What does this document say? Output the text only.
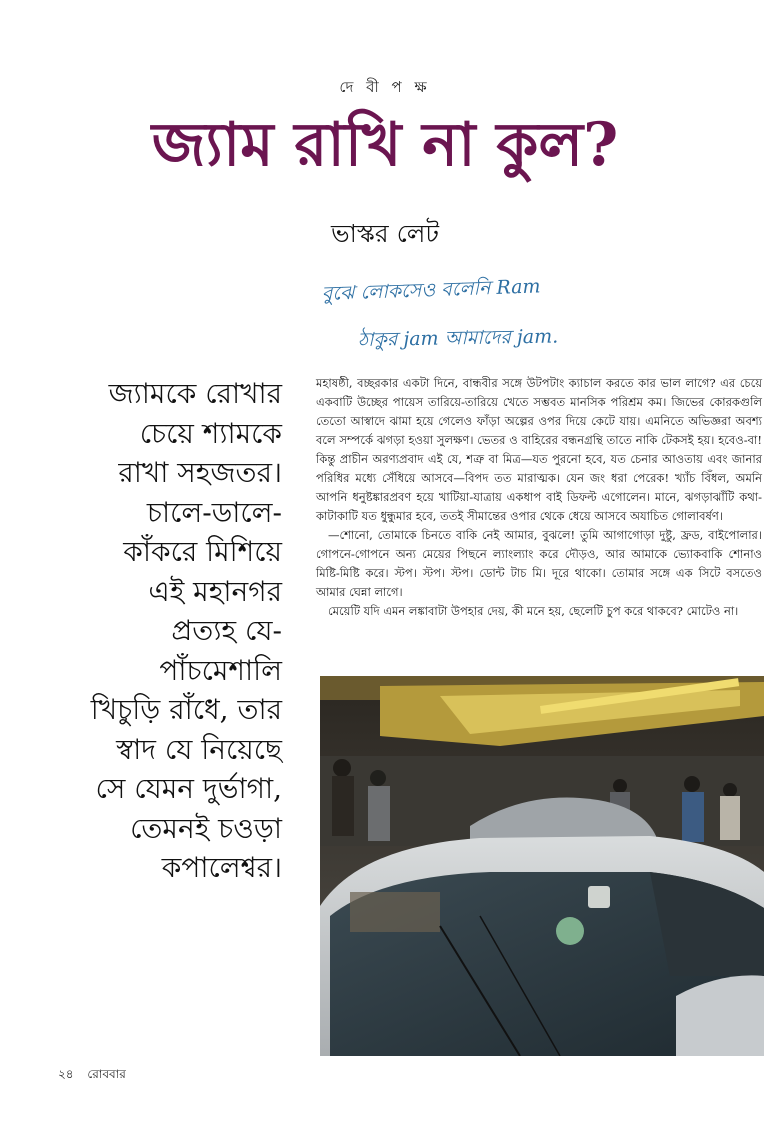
দে বী প ক্ষ
জ্যাম রাখি না কুল?
ভাস্কর লেট
বুঝে লোকসেও বলেনি Ram
ঠাকুর jam আমাদের jam.

জ্যামকে রোখার

চেয়ে শ্যামকে

রাখা সহজতর।

চালে-ডালে-

কাঁকরে মিশিয়ে

এই মহানগর

প্রত্যহ যে-

পাঁচমেশালি

খিচুড়ি রাঁধে, তার

স্বাদ যে নিয়েছে

সে যেমন দুর্ভাগা,

তেমনই চওড়া

কপালেশ্বর।

মহাষষ্ঠী, বচ্ছরকার একটা দিনে, বান্ধবীর সঙ্গে উটপটাং ক্যাচাল করতে কার ভাল লাগে? এর চেয়ে একবাটি উচ্ছের পায়েস তারিয়ে-তারিয়ে খেতে সম্ভবত মানসিক পরিশ্রম কম। জিভের কোরকগুলি তেতো আস্বাদে ঝামা হয়ে গেলেও ফাঁড়া অল্পের ওপর দিয়ে কেটে যায়। এমনিতে অভিজ্ঞরা অবশ্য বলে সম্পর্কে ঝগড়া হওয়া সুলক্ষণ। ভেতর ও বাহিরের বন্ধনগ্রন্থি তাতে নাকি টেকসই হয়। হবেও-বা! কিন্তু প্রাচীন অরণ্যপ্রবাদ এই যে, শত্রু বা মিত্র—যত পুরনো হবে, যত চেনার আওতায় এবং জানার পরিধির মধ্যে সেঁধিয়ে আসবে—বিপদ তত মারাত্মক। যেন জং ধরা পেরেক! খ্যাঁচ বিঁধল, অমনি আপনি ধনুষ্টঙ্কারপ্রবণ হয়ে খাটিয়া-যাত্রায় একধাপ বাই ডিফল্ট এগোলেন। মানে, ঝগড়াঝাঁটি কথা-কাটাকাটি যত ধুন্ধুমার হবে, ততই সীমান্তের ওপার থেকে ধেয়ে আসবে অযাচিত গোলাবর্ষণ।

—শোনো, তোমাকে চিনতে বাকি নেই আমার, বুঝলে! তুমি আগাগোড়া দুষ্টু, ফ্রড, বাইপোলার। গোপনে-গোপনে অন্য মেয়ের পিছনে ল্যাংল্যাং করে দৌড়ও, আর আমাকে ভ্যোকবাকি শোনাও মিষ্টি-মিষ্টি করে। স্টপ। স্টপ। স্টপ। ডোন্ট টাচ মি। দূরে থাকো। তোমার সঙ্গে এক সিটে বসতেও আমার ঘেন্না লাগে।

মেয়েটি যদি এমন লঙ্কাবাটা উপহার দেয়, কী মনে হয়, ছেলেটি চুপ করে থাকবে? মোটেও না।

২৪ রোববার
